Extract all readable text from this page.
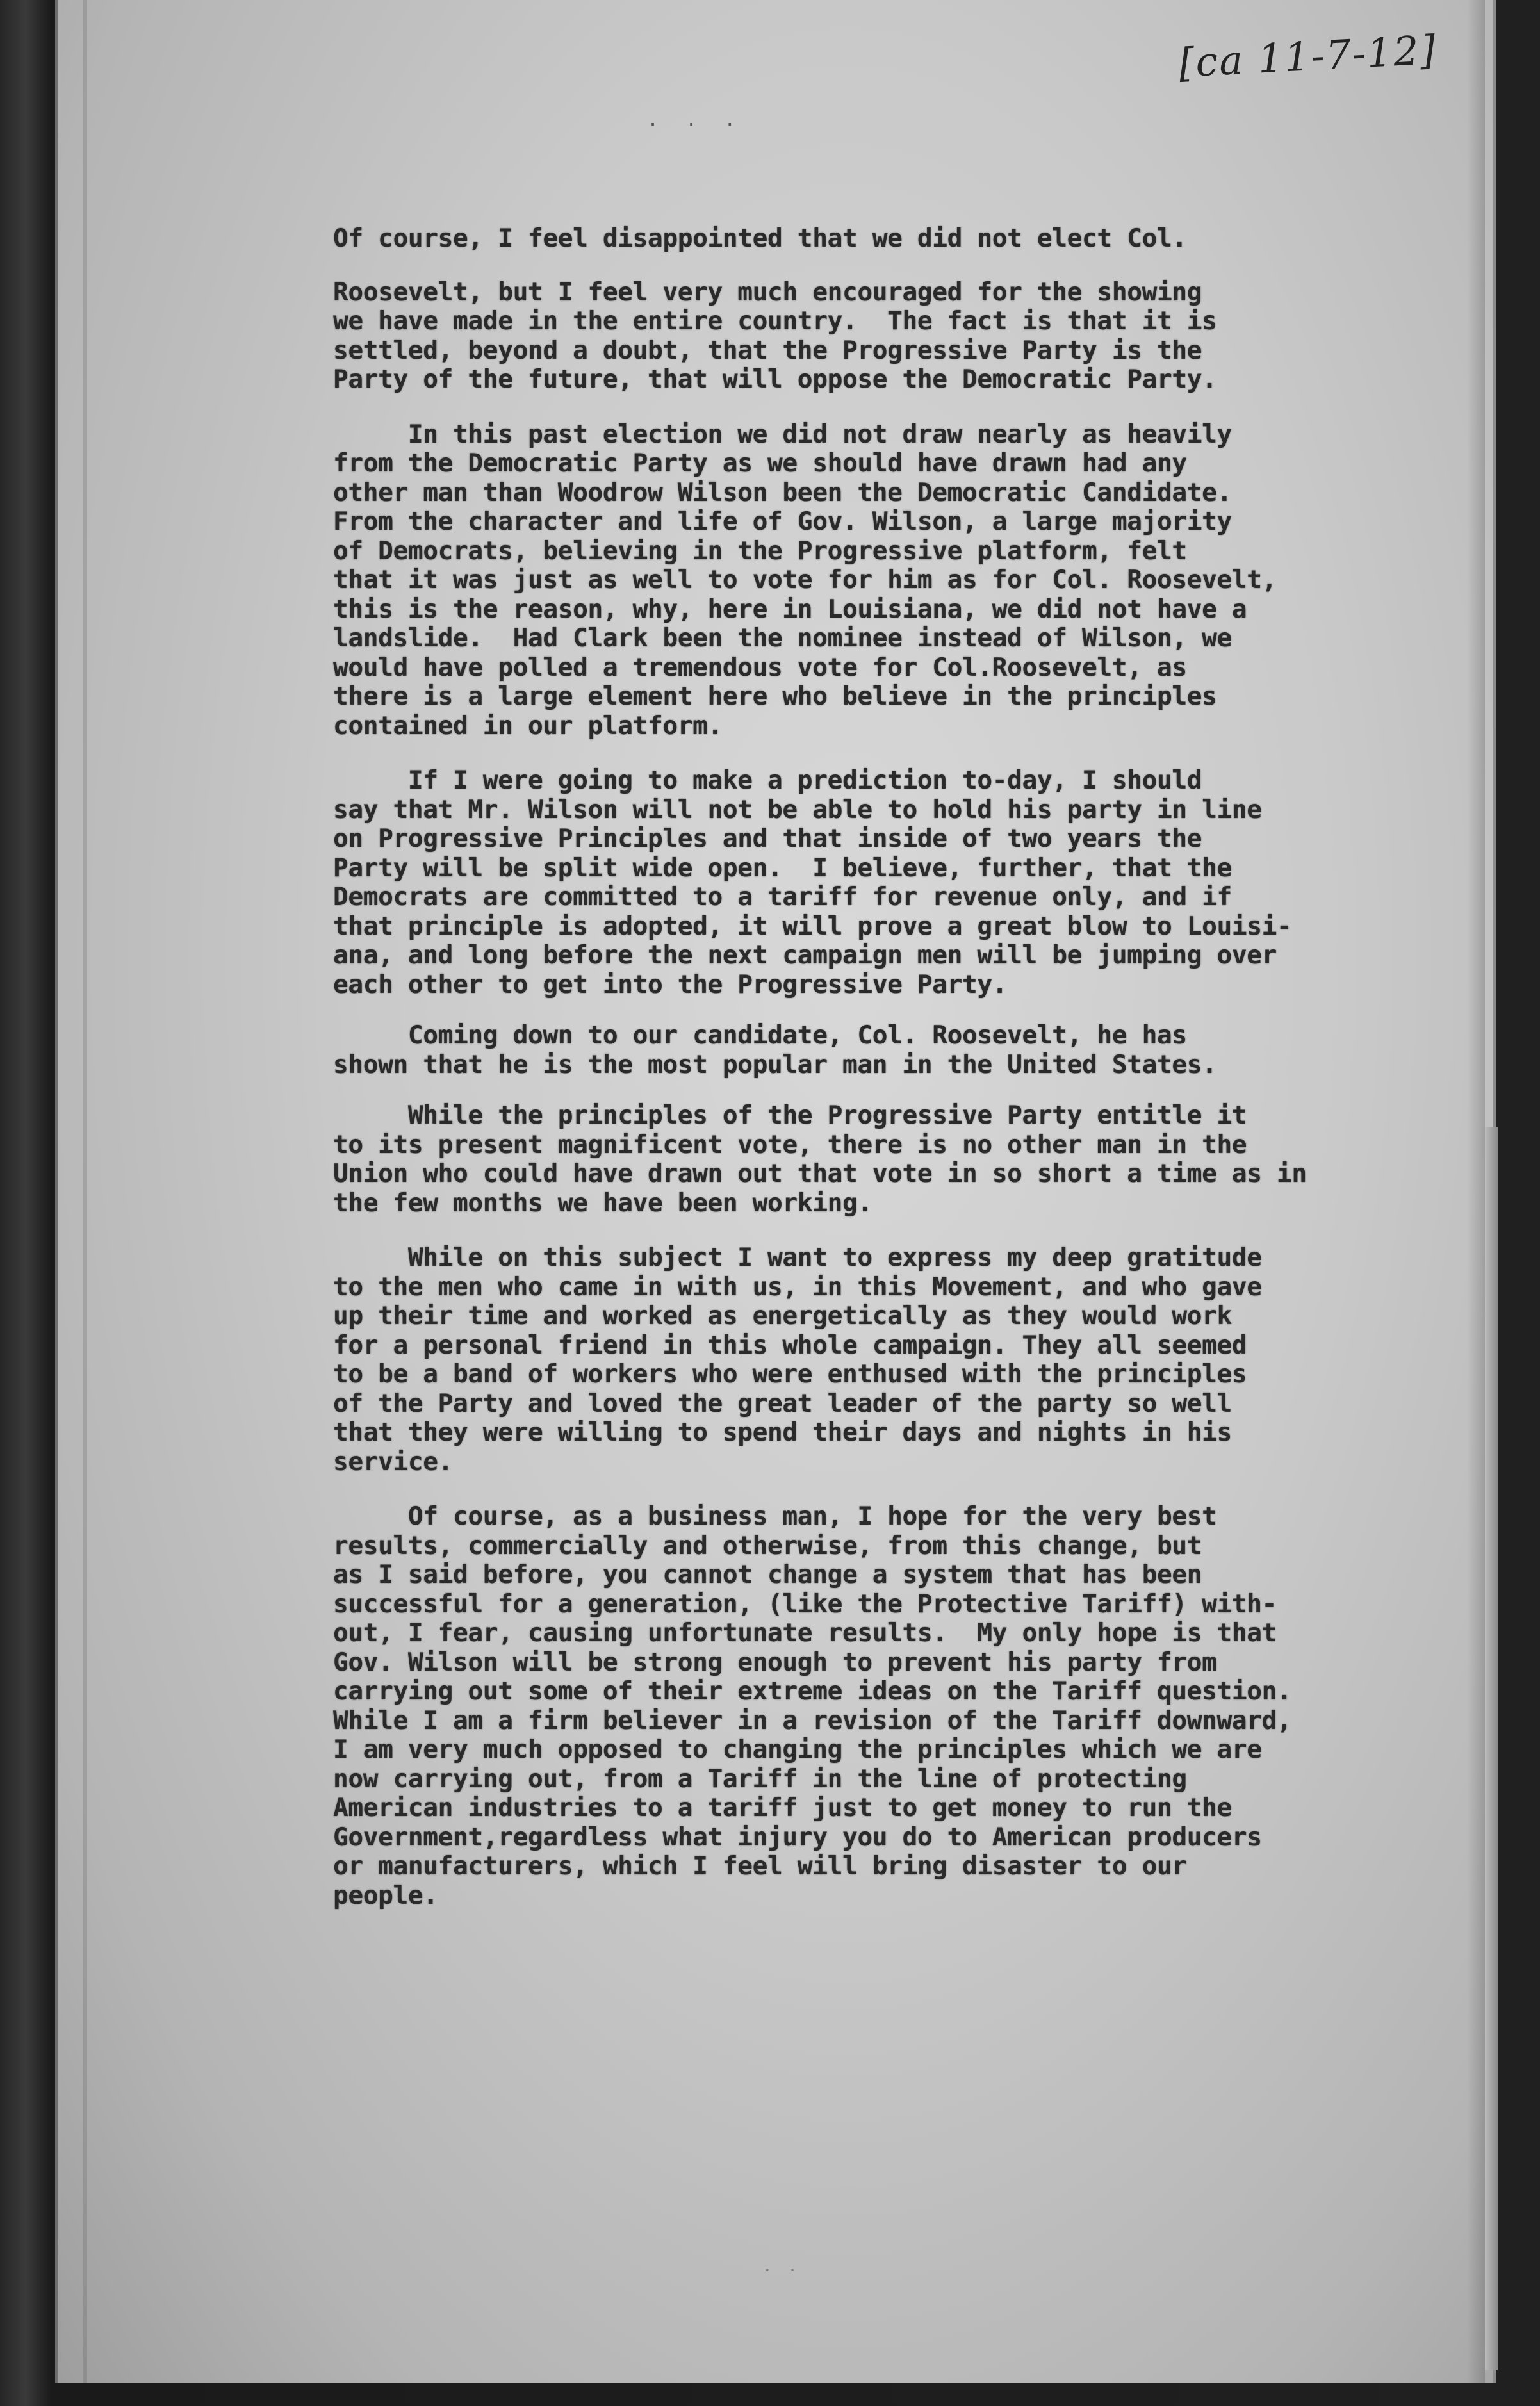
[ca 11-7-12]
· · ·

Of course, I feel disappointed that we did not elect Col.

Roosevelt, but I feel very much encouraged for the showing
we have made in the entire country.  The fact is that it is
settled, beyond a doubt, that the Progressive Party is the
Party of the future, that will oppose the Democratic Party.

In this past election we did not draw nearly as heavily
from the Democratic Party as we should have drawn had any
other man than Woodrow Wilson been the Democratic Candidate.
From the character and life of Gov. Wilson, a large majority
of Democrats, believing in the Progressive platform, felt
that it was just as well to vote for him as for Col. Roosevelt,
this is the reason, why, here in Louisiana, we did not have a
landslide.  Had Clark been the nominee instead of Wilson, we
would have polled a tremendous vote for Col.Roosevelt, as
there is a large element here who believe in the principles
contained in our platform.

If I were going to make a prediction to-day, I should
say that Mr. Wilson will not be able to hold his party in line
on Progressive Principles and that inside of two years the
Party will be split wide open.  I believe, further, that the
Democrats are committed to a tariff for revenue only, and if
that principle is adopted, it will prove a great blow to Louisi-
ana, and long before the next campaign men will be jumping over
each other to get into the Progressive Party.

Coming down to our candidate, Col. Roosevelt, he has
shown that he is the most popular man in the United States.

While the principles of the Progressive Party entitle it
to its present magnificent vote, there is no other man in the
Union who could have drawn out that vote in so short a time as in
the few months we have been working.

While on this subject I want to express my deep gratitude
to the men who came in with us, in this Movement, and who gave
up their time and worked as energetically as they would work
for a personal friend in this whole campaign. They all seemed
to be a band of workers who were enthused with the principles
of the Party and loved the great leader of the party so well
that they were willing to spend their days and nights in his
service.

Of course, as a business man, I hope for the very best
results, commercially and otherwise, from this change, but
as I said before, you cannot change a system that has been
successful for a generation, (like the Protective Tariff) with-
out, I fear, causing unfortunate results.  My only hope is that
Gov. Wilson will be strong enough to prevent his party from
carrying out some of their extreme ideas on the Tariff question.
While I am a firm believer in a revision of the Tariff downward,
I am very much opposed to changing the principles which we are
now carrying out, from a Tariff in the line of protecting
American industries to a tariff just to get money to run the
Government,regardless what injury you do to American producers
or manufacturers, which I feel will bring disaster to our
people.

· ·
